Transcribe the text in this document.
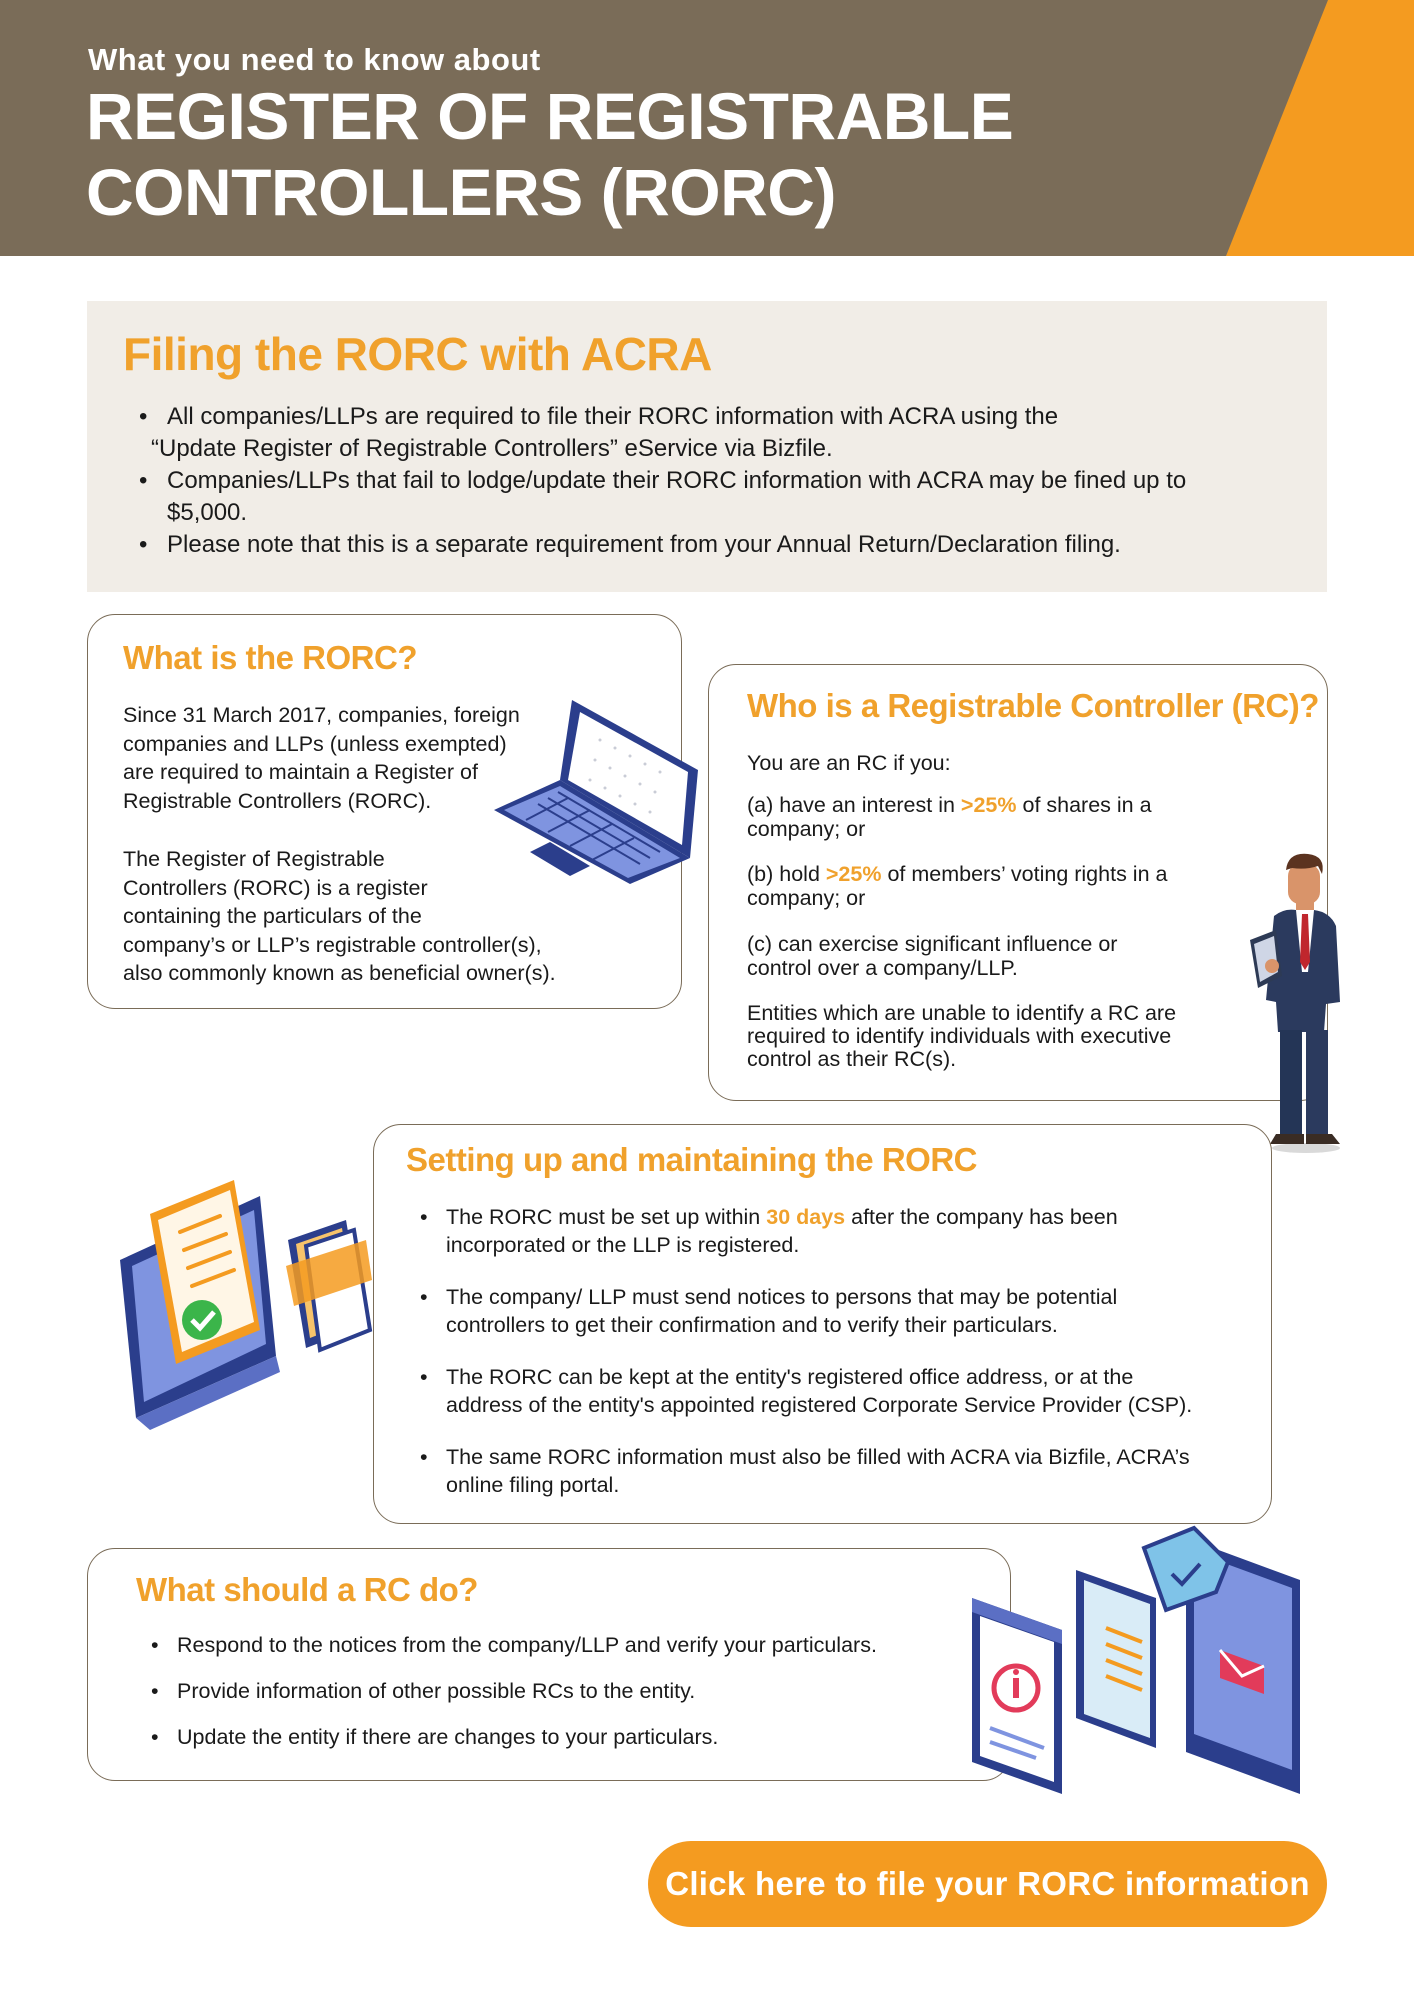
What you need to know about
REGISTER OF REGISTRABLE
CONTROLLERS (RORC)
Filing the RORC with ACRA
• All companies/LLPs are required to file their RORC information with ACRA using the
“Update Register of Registrable Controllers” eService via Bizfile.
• Companies/LLPs that fail to lodge/update their RORC information with ACRA may be fined up to
$5,000.
• Please note that this is a separate requirement from your Annual Return/Declaration filing.
What is the RORC?
Since 31 March 2017, companies, foreign
companies and LLPs (unless exempted)
are required to maintain a Register of
Registrable Controllers (RORC).
The Register of Registrable
Controllers (RORC) is a register
containing the particulars of the
company’s or LLP’s registrable controller(s),
also commonly known as beneficial owner(s).
Who is a Registrable Controller (RC)?
You are an RC if you:
(a) have an interest in >25% of shares in a
company; or
(b) hold >25% of members’ voting rights in a
company; or
(c) can exercise significant influence or
control over a company/LLP.
Entities which are unable to identify a RC are
required to identify individuals with executive
control as their RC(s).
Setting up and maintaining the RORC
• The RORC must be set up within 30 days after the company has been
incorporated or the LLP is registered.
• The company/ LLP must send notices to persons that may be potential
controllers to get their confirmation and to verify their particulars.
• The RORC can be kept at the entity's registered office address, or at the
address of the entity's appointed registered Corporate Service Provider (CSP).
• The same RORC information must also be filled with ACRA via Bizfile, ACRA’s
online filing portal.
What should a RC do?
• Respond to the notices from the company/LLP and verify your particulars.
• Provide information of other possible RCs to the entity.
• Update the entity if there are changes to your particulars.
Click here to file your RORC information
